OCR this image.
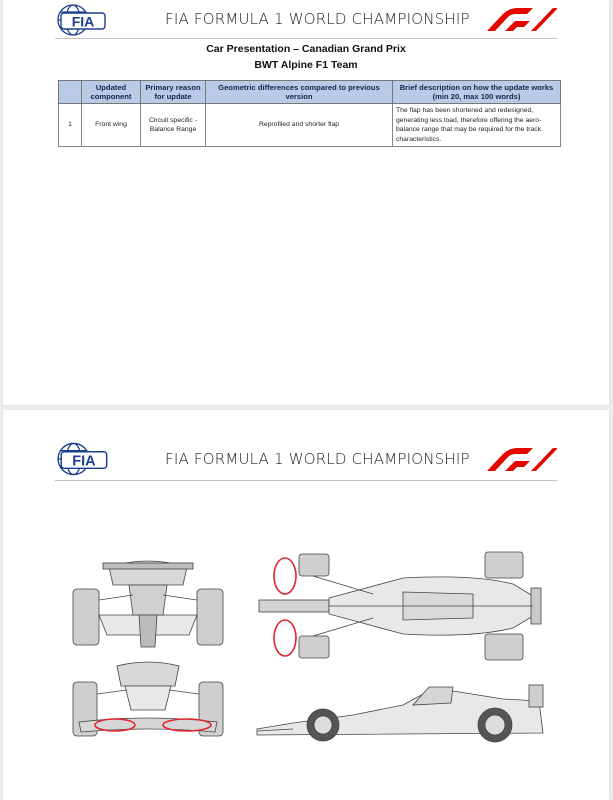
FIA	FIA FORMULA 1 WORLD CHAMPIONSHIP
Car Presentation – Canadian Grand Prix
BWT Alpine F1 Team
	Updated component	Primary reason for update	Geometric differences compared to previous version	Brief description on how the update works (min 20, max 100 words)
1	Front wing	Circuit specific - Balance Range	Reprofiled and shorter flap	The flap has been shortened and redesigned, generating less load, therefore offering the aero-balance range that may be required for the track characteristics.
FIA	FIA FORMULA 1 WORLD CHAMPIONSHIP
